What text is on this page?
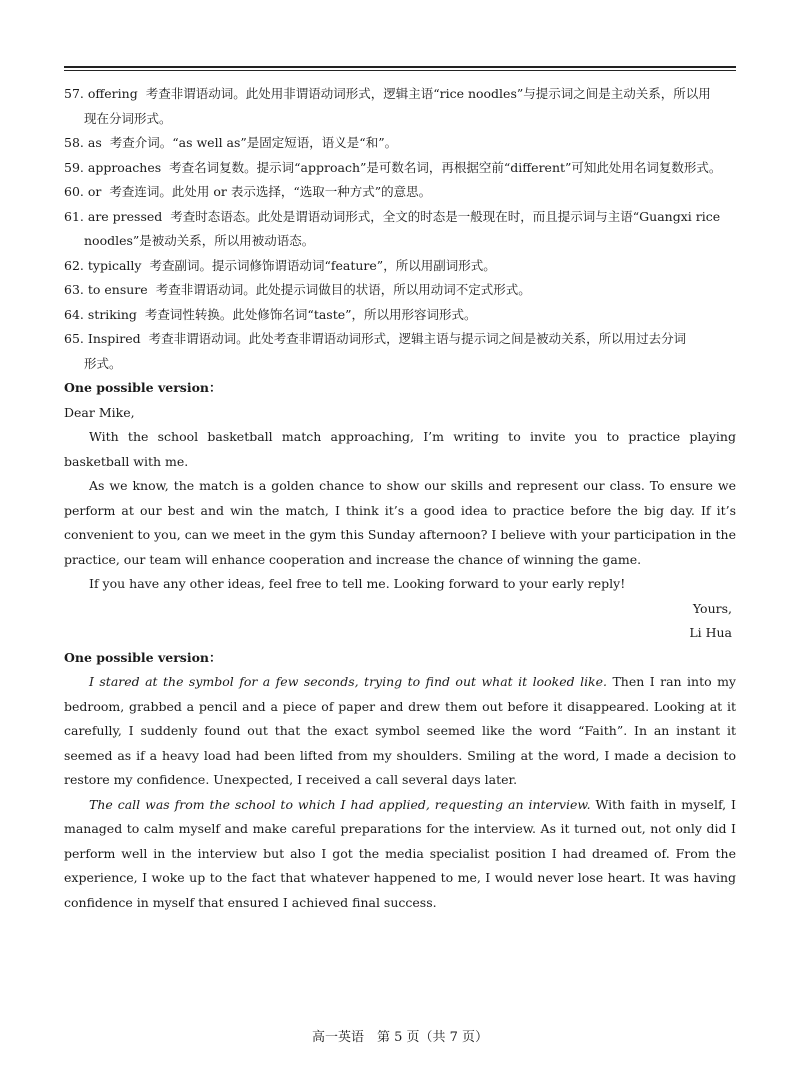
57. offering 考查非谓语动词。此处用非谓语动词形式，逻辑主语“rice noodles”与提示词之间是主动关系，所以用
现在分词形式。
58. as 考查介词。“as well as”是固定短语，语义是“和”。
59. approaches 考查名词复数。提示词“approach”是可数名词，再根据空前“different”可知此处用名词复数形式。
60. or 考查连词。此处用 or 表示选择，“选取一种方式”的意思。
61. are pressed 考查时态语态。此处是谓语动词形式，全文的时态是一般现在时，而且提示词与主语“Guangxi rice
noodles”是被动关系，所以用被动语态。
62. typically 考查副词。提示词修饰谓语动词“feature”，所以用副词形式。
63. to ensure 考查非谓语动词。此处提示词做目的状语，所以用动词不定式形式。
64. striking 考查词性转换。此处修饰名词“taste”，所以用形容词形式。
65. Inspired 考查非谓语动词。此处考查非谓语动词形式，逻辑主语与提示词之间是被动关系，所以用过去分词
形式。

One possible version：

Dear Mike,

With the school basketball match approaching, I’m writing to invite you to practice playing basketball with me.

As we know, the match is a golden chance to show our skills and represent our class. To ensure we perform at our best and win the match, I think it’s a good idea to practice before the big day. If it’s convenient to you, can we meet in the gym this Sunday afternoon? I believe with your participation in the practice, our team will enhance cooperation and increase the chance of winning the game.

If you have any other ideas, feel free to tell me. Looking forward to your early reply!

Yours,

Li Hua

One possible version：

I stared at the symbol for a few seconds, trying to find out what it looked like. Then I ran into my bedroom, grabbed a pencil and a piece of paper and drew them out before it disappeared. Looking at it carefully, I suddenly found out that the exact symbol seemed like the word “Faith”. In an instant it seemed as if a heavy load had been lifted from my shoulders. Smiling at the word, I made a decision to restore my confidence. Unexpected, I received a call several days later.

The call was from the school to which I had applied, requesting an interview. With faith in myself, I managed to calm myself and make careful preparations for the interview. As it turned out, not only did I perform well in the interview but also I got the media specialist position I had dreamed of. From the experience, I woke up to the fact that whatever happened to me, I would never lose heart. It was having confidence in myself that ensured I achieved final success.

高一英语　第 5 页（共 7 页）
